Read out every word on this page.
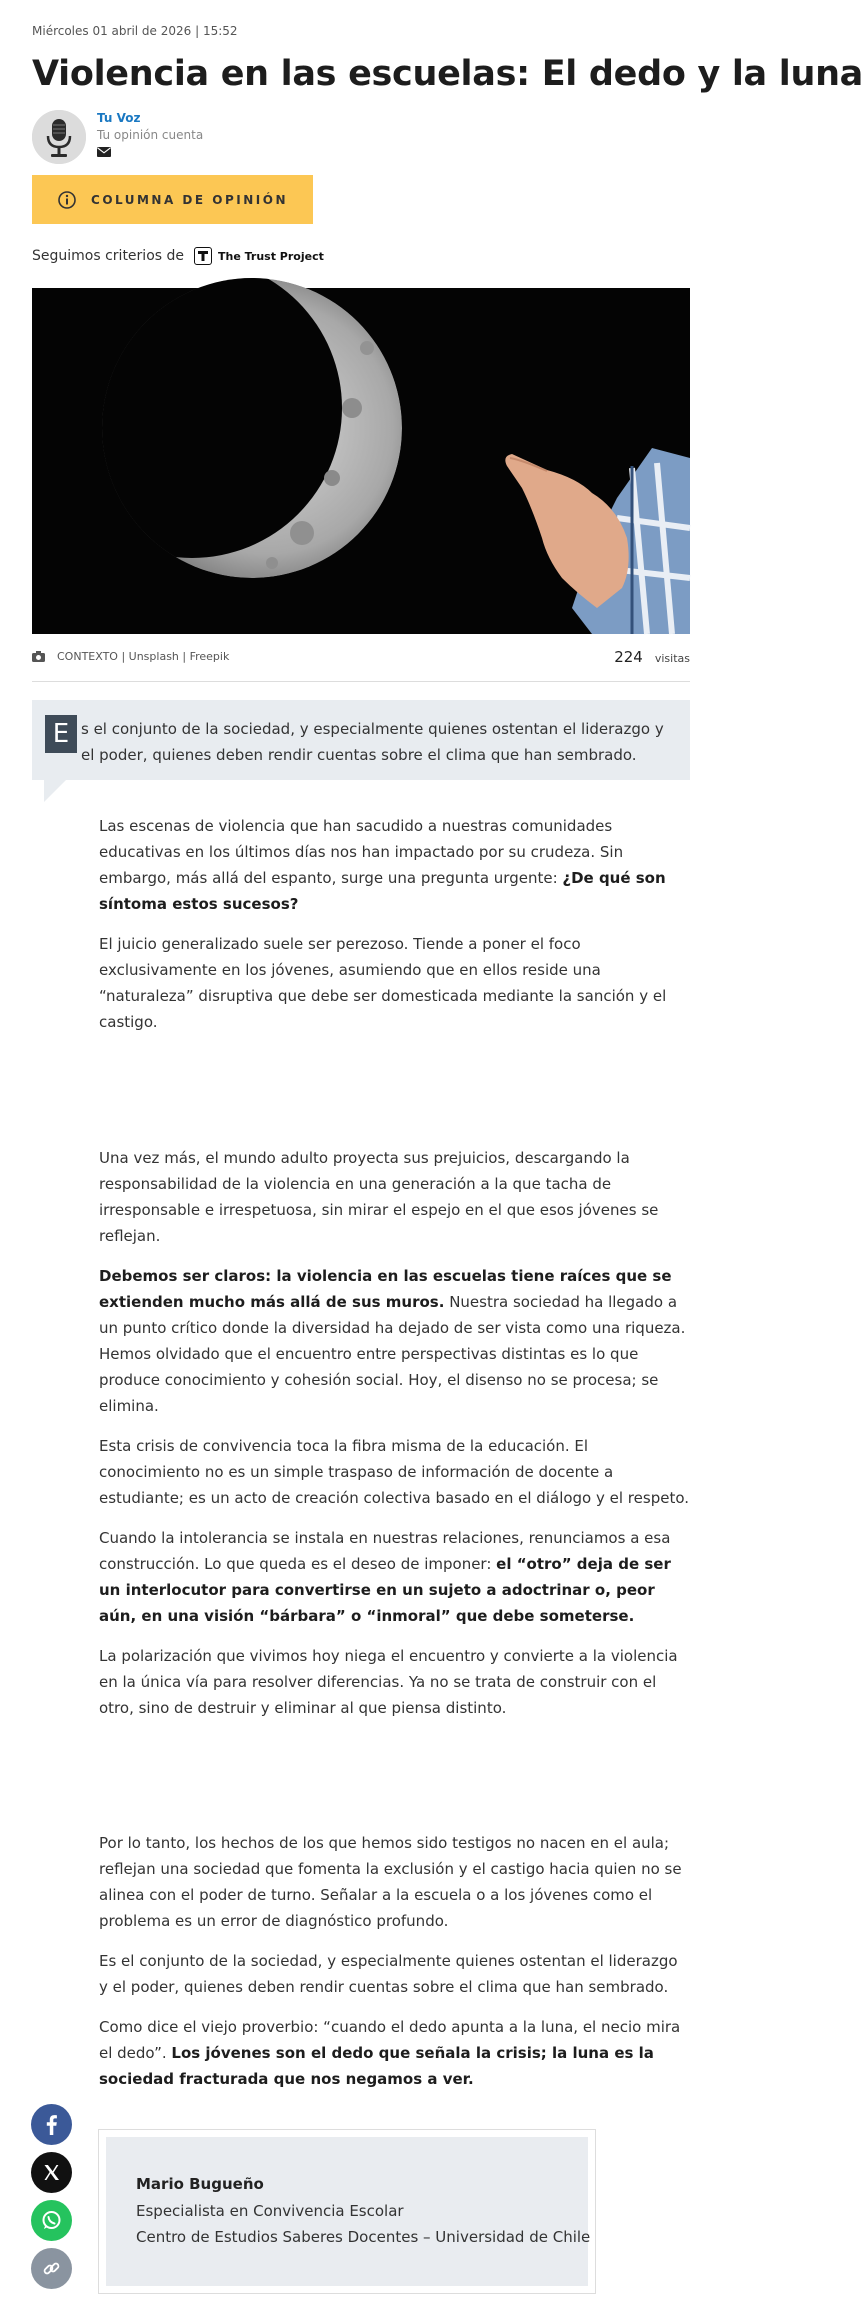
Miércoles 01 abril de 2026 | 15:52
Violencia en las escuelas: El dedo y la luna
Tu Voz
Tu opinión cuenta
COLUMNA DE OPINIÓN
Seguimos criterios de	The Trust Project
CONTEXTO | Unsplash | Freepik	224 visitas
E s el conjunto de la sociedad, y especialmente quienes ostentan el liderazgo y el poder, quienes deben rendir cuentas sobre el clima que han sembrado.

Las escenas de violencia que han sacudido a nuestras comunidades educativas en los últimos días nos han impactado por su crudeza. Sin embargo, más allá del espanto, surge una pregunta urgente: ¿De qué son síntoma estos sucesos?

El juicio generalizado suele ser perezoso. Tiende a poner el foco exclusivamente en los jóvenes, asumiendo que en ellos reside una “naturaleza” disruptiva que debe ser domesticada mediante la sanción y el castigo.

Una vez más, el mundo adulto proyecta sus prejuicios, descargando la responsabilidad de la violencia en una generación a la que tacha de irresponsable e irrespetuosa, sin mirar el espejo en el que esos jóvenes se reflejan.

Debemos ser claros: la violencia en las escuelas tiene raíces que se extienden mucho más allá de sus muros. Nuestra sociedad ha llegado a un punto crítico donde la diversidad ha dejado de ser vista como una riqueza. Hemos olvidado que el encuentro entre perspectivas distintas es lo que produce conocimiento y cohesión social. Hoy, el disenso no se procesa; se elimina.

Esta crisis de convivencia toca la fibra misma de la educación. El conocimiento no es un simple traspaso de información de docente a estudiante; es un acto de creación colectiva basado en el diálogo y el respeto.

Cuando la intolerancia se instala en nuestras relaciones, renunciamos a esa construcción. Lo que queda es el deseo de imponer: el “otro” deja de ser un interlocutor para convertirse en un sujeto a adoctrinar o, peor aún, en una visión “bárbara” o “inmoral” que debe someterse.

La polarización que vivimos hoy niega el encuentro y convierte a la violencia en la única vía para resolver diferencias. Ya no se trata de construir con el otro, sino de destruir y eliminar al que piensa distinto.

Por lo tanto, los hechos de los que hemos sido testigos no nacen en el aula; reflejan una sociedad que fomenta la exclusión y el castigo hacia quien no se alinea con el poder de turno. Señalar a la escuela o a los jóvenes como el problema es un error de diagnóstico profundo.

Es el conjunto de la sociedad, y especialmente quienes ostentan el liderazgo y el poder, quienes deben rendir cuentas sobre el clima que han sembrado.

Como dice el viejo proverbio: “cuando el dedo apunta a la luna, el necio mira el dedo”. Los jóvenes son el dedo que señala la crisis; la luna es la sociedad fracturada que nos negamos a ver.

Mario Bugueño
Especialista en Convivencia Escolar
Centro de Estudios Saberes Docentes – Universidad de Chile
